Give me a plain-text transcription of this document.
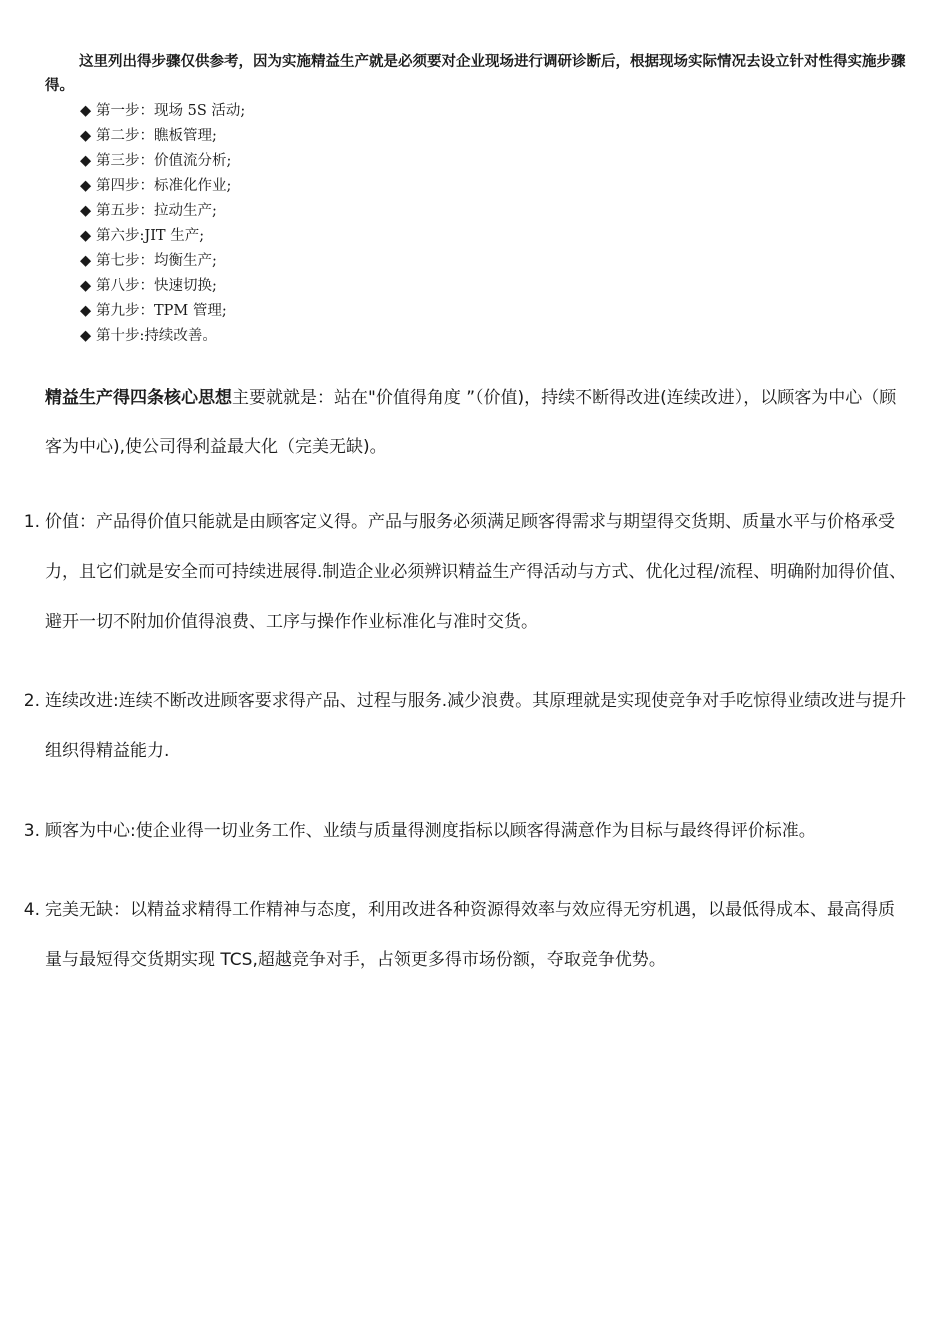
这里列出得步骤仅供参考，因为实施精益生产就是必须要对企业现场进行调研诊断后，根据现场实际情况去设立针对性得实施步骤得。

◆ 第一步：现场 5S 活动;
◆ 第二步：瞧板管理;
◆ 第三步：价值流分析;
◆ 第四步：标准化作业;
◆ 第五步：拉动生产;
◆ 第六步:JIT 生产;
◆ 第七步：均衡生产;
◆ 第八步：快速切换;
◆ 第九步：TPM 管理;
◆ 第十步:持续改善。

精益生产得四条核心思想主要就就是：站在"价值得角度 ”（价值)，持续不断得改进(连续改进），以顾客为中心（顾客为中心),使公司得利益最大化（完美无缺)。

1. 价值：产品得价值只能就是由顾客定义得。产品与服务必须满足顾客得需求与期望得交货期、质量水平与价格承受力，且它们就是安全而可持续进展得.制造企业必须辨识精益生产得活动与方式、优化过程/流程、明确附加得价值、避开一切不附加价值得浪费、工序与操作作业标准化与准时交货。
2. 连续改进:连续不断改进顾客要求得产品、过程与服务.减少浪费。其原理就是实现使竞争对手吃惊得业绩改进与提升组织得精益能力.
3. 顾客为中心:使企业得一切业务工作、业绩与质量得测度指标以顾客得满意作为目标与最终得评价标准。
4. 完美无缺：以精益求精得工作精神与态度，利用改进各种资源得效率与效应得无穷机遇，以最低得成本、最高得质量与最短得交货期实现 TCS,超越竞争对手，占领更多得市场份额，夺取竞争优势。
